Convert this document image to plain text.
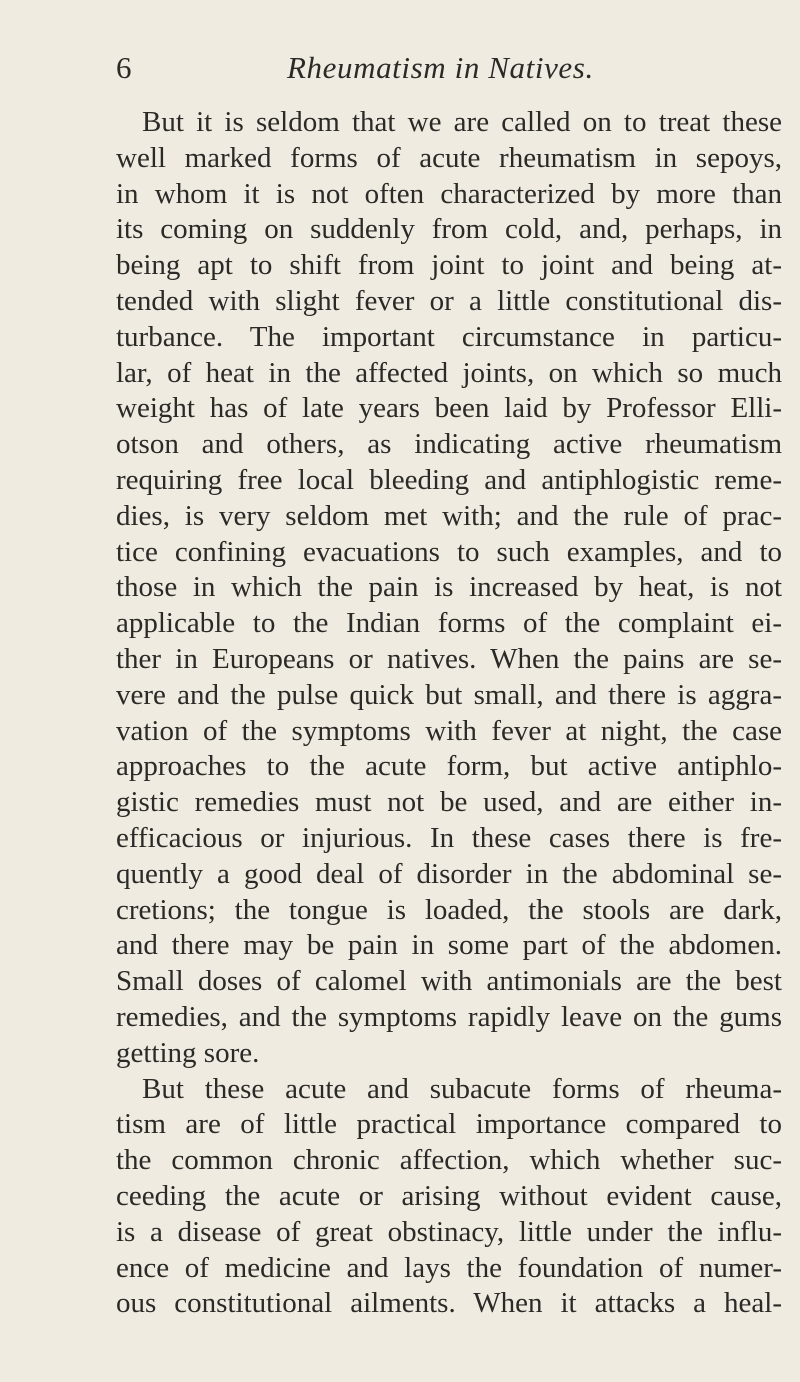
6	Rheumatism in Natives.
But it is seldom that we are called on to treat these
well marked forms of acute rheumatism in sepoys,
in whom it is not often characterized by more than
its coming on suddenly from cold, and, perhaps, in
being apt to shift from joint to joint and being at-
tended with slight fever or a little constitutional dis-
turbance. The important circumstance in particu-
lar, of heat in the affected joints, on which so much
weight has of late years been laid by Professor Elli-
otson and others, as indicating active rheumatism
requiring free local bleeding and antiphlogistic reme-
dies, is very seldom met with; and the rule of prac-
tice confining evacuations to such examples, and to
those in which the pain is increased by heat, is not
applicable to the Indian forms of the complaint ei-
ther in Europeans or natives. When the pains are se-
vere and the pulse quick but small, and there is aggra-
vation of the symptoms with fever at night, the case
approaches to the acute form, but active antiphlo-
gistic remedies must not be used, and are either in-
efficacious or injurious. In these cases there is fre-
quently a good deal of disorder in the abdominal se-
cretions; the tongue is loaded, the stools are dark,
and there may be pain in some part of the abdomen.
Small doses of calomel with antimonials are the best
remedies, and the symptoms rapidly leave on the gums
getting sore.
But these acute and subacute forms of rheuma-
tism are of little practical importance compared to
the common chronic affection, which whether suc-
ceeding the acute or arising without evident cause,
is a disease of great obstinacy, little under the influ-
ence of medicine and lays the foundation of numer-
ous constitutional ailments. When it attacks a heal-
